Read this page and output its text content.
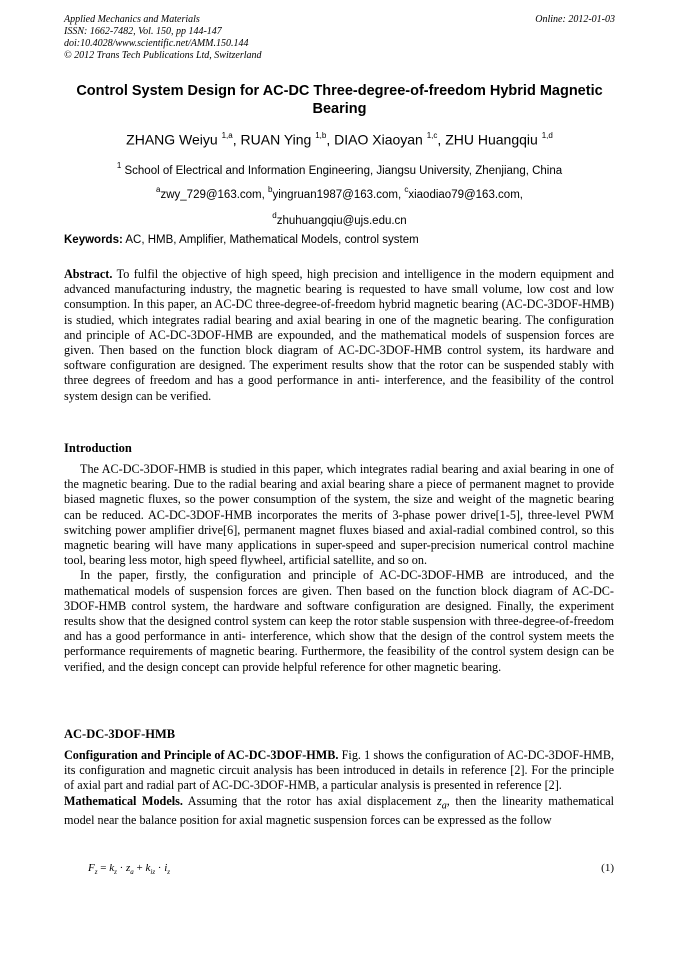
Applied Mechanics and Materials
ISSN: 1662-7482, Vol. 150, pp 144-147
doi:10.4028/www.scientific.net/AMM.150.144
© 2012 Trans Tech Publications Ltd, Switzerland
Online: 2012-01-03
Control System Design for AC-DC Three-degree-of-freedom Hybrid Magnetic Bearing
ZHANG Weiyu $^{1,a}$, RUAN Ying $^{1,b}$, DIAO Xiaoyan $^{1,c}$, ZHU Huangqiu $^{1,d}$
$^1$ School of Electrical and Information Engineering, Jiangsu University, Zhenjiang, China
$^a$zwy_729@163.com, $^b$yingruan1987@163.com, $^c$xiaodiao79@163.com,
$^d$zhuhuangqiu@ujs.edu.cn
Keywords: AC, HMB, Amplifier, Mathematical Models, control system

Abstract. To fulfil the objective of high speed, high precision and intelligence in the modern equipment and advanced manufacturing industry, the magnetic bearing is requested to have small volume, low cost and low consumption. In this paper, an AC-DC three-degree-of-freedom hybrid magnetic bearing (AC-DC-3DOF-HMB) is studied, which integrates radial bearing and axial bearing in one of the magnetic bearing. The configuration and principle of AC-DC-3DOF-HMB are expounded, and the mathematical models of suspension forces are given. Then based on the function block diagram of AC-DC-3DOF-HMB control system, its hardware and software configuration are designed. The experiment results show that the rotor can be suspended stably with three degrees of freedom and has a good performance in anti- interference, and the feasibility of the control system design can be verified.

Introduction

The AC-DC-3DOF-HMB is studied in this paper, which integrates radial bearing and axial bearing in one of the magnetic bearing. Due to the radial bearing and axial bearing share a piece of permanent magnet to provide biased magnetic fluxes, so the power consumption of the system, the size and weight of the magnetic bearing can be reduced. AC-DC-3DOF-HMB incorporates the merits of 3-phase power drive[1-5], three-level PWM switching power amplifier drive[6], permanent magnet fluxes biased and axial-radial combined control, so this magnetic bearing will have many applications in super-speed and super-precision numerical control machine tool, bearing less motor, high speed flywheel, artificial satellite, and so on.

In the paper, firstly, the configuration and principle of AC-DC-3DOF-HMB are introduced, and the mathematical models of suspension forces are given. Then based on the function block diagram of AC-DC-3DOF-HMB control system, the hardware and software configuration are designed. Finally, the experiment results show that the designed control system can keep the rotor stable suspension with three-degree-of-freedom and has a good performance in anti- interference, which show that the design of the control system meets the performance requirements of magnetic bearing. Furthermore, the feasibility of the control system design can be verified, and the design concept can provide helpful reference for other magnetic bearing.

AC-DC-3DOF-HMB

Configuration and Principle of AC-DC-3DOF-HMB. Fig. 1 shows the configuration of AC-DC-3DOF-HMB, its configuration and magnetic circuit analysis has been introduced in details in reference [2]. For the principle of axial part and radial part of AC-DC-3DOF-HMB, a particular analysis is presented in reference [2].

Mathematical Models. Assuming that the rotor has axial displacement $z_a$, then the linearity mathematical model near the balance position for axial magnetic suspension forces can be expressed as the follow

$F_z = k_z \cdot z_a + k_{iz} \cdot i_z$	(1)
